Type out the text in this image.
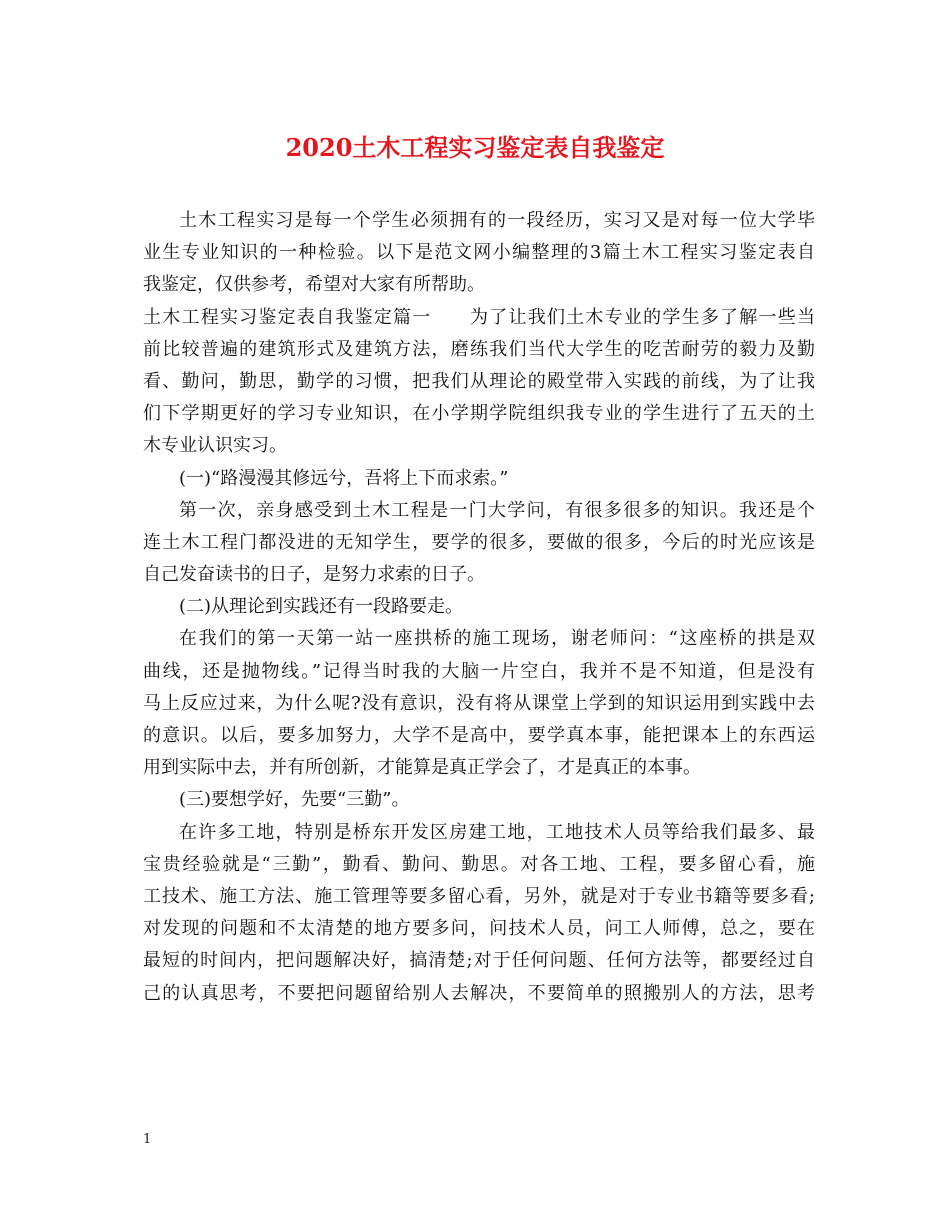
2020土木工程实习鉴定表自我鉴定
土木工程实习是每一个学生必须拥有的一段经历，实习又是对每一位大学毕
业生专业知识的一种检验。以下是范文网小编整理的3篇土木工程实习鉴定表自
我鉴定，仅供参考，希望对大家有所帮助。
土木工程实习鉴定表自我鉴定篇一　　为了让我们土木专业的学生多了解一些当
前比较普遍的建筑形式及建筑方法，磨练我们当代大学生的吃苦耐劳的毅力及勤
看、勤问，勤思，勤学的习惯，把我们从理论的殿堂带入实践的前线，为了让我
们下学期更好的学习专业知识，在小学期学院组织我专业的学生进行了五天的土
木专业认识实习。
(一)“路漫漫其修远兮，吾将上下而求索。”
第一次，亲身感受到土木工程是一门大学问，有很多很多的知识。我还是个
连土木工程门都没进的无知学生，要学的很多，要做的很多，今后的时光应该是
自己发奋读书的日子，是努力求索的日子。
(二)从理论到实践还有一段路要走。
在我们的第一天第一站一座拱桥的施工现场，谢老师问：“这座桥的拱是双
曲线，还是抛物线。”记得当时我的大脑一片空白，我并不是不知道，但是没有
马上反应过来，为什么呢?没有意识，没有将从课堂上学到的知识运用到实践中去
的意识。以后，要多加努力，大学不是高中，要学真本事，能把课本上的东西运
用到实际中去，并有所创新，才能算是真正学会了，才是真正的本事。
(三)要想学好，先要“三勤”。
在许多工地，特别是桥东开发区房建工地，工地技术人员等给我们最多、最
宝贵经验就是“三勤”，勤看、勤问、勤思。对各工地、工程，要多留心看，施
工技术、施工方法、施工管理等要多留心看，另外，就是对于专业书籍等要多看;
对发现的问题和不太清楚的地方要多问，问技术人员，问工人师傅，总之，要在
最短的时间内，把问题解决好，搞清楚;对于任何问题、任何方法等，都要经过自
己的认真思考，不要把问题留给别人去解决，不要简单的照搬别人的方法，思考
1
